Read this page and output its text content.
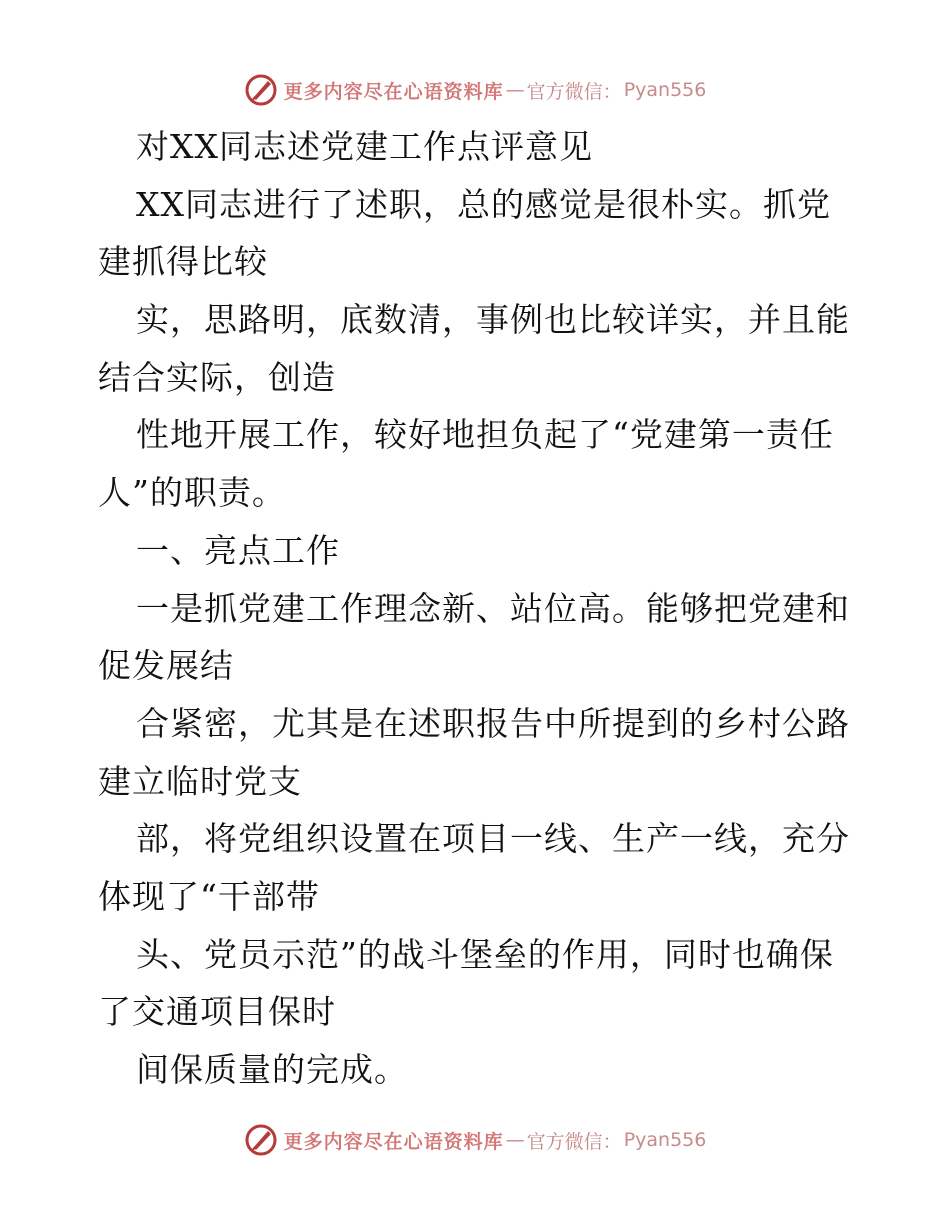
更多内容尽在心语资料库 — 官方微信： Pyan556
对XX同志述党建工作点评意见
XX同志进行了述职，总的感觉是很朴实。抓党
建抓得比较
实，思路明，底数清，事例也比较详实，并且能
结合实际，创造
性地开展工作，较好地担负起了“党建第一责任
人”的职责。
一、亮点工作
一是抓党建工作理念新、站位高。能够把党建和
促发展结
合紧密，尤其是在述职报告中所提到的乡村公路
建立临时党支
部，将党组织设置在项目一线、生产一线，充分
体现了“干部带
头、党员示范”的战斗堡垒的作用，同时也确保
了交通项目保时
间保质量的完成。
更多内容尽在心语资料库 — 官方微信： Pyan556
